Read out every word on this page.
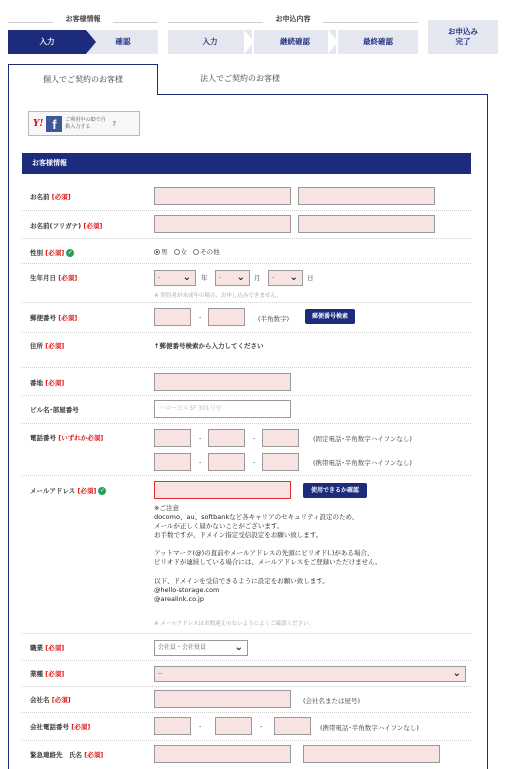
お客様情報	お申込内容
入力	確認	入力	継続確認	最終確認
お申込み
完了
個人でご契約のお客様	法人でご契約のお客様
Y! f	ご利用中のIDで自動入力する	?
お客様情報
お名前 [必須]
お名前(フリガナ) [必須]
性別 [必須] ✓	男 女 その他
生年月日 [必須]	- ⌄ 年	- ⌄ 月	- ⌄ 日
※ 契約者が未成年の場合、お申し込みできません。
郵便番号 [必須]	-	(半角数字)	郵便番号検索
住所 [必須]	↑郵便番号検索から入力してください
番地 [必須]
ビル名･部屋番号	ハロービル3F 301号室
電話番号 [いずれか必須]	-	-	(固定電話･半角数字ハイフンなし)
-	-	(携帯電話･半角数字ハイフンなし)
メールアドレス [必須] ✓	使用できるか確認

※ご注意

docomo、au、softbankなど各キャリアのセキュリティ設定のため、

メールが正しく届かないことがございます。

お手数ですが、ドメイン指定受信設定をお願い致します。

アットマーク(@)の直前やメールアドレスの先頭にピリオド(.)がある場合、

ピリオドが連続している場合には、メールアドレスをご登録いただけません。

以下、ドメインを受信できるように設定をお願い致します。

@hello-storage.com

@arealink.co.jp

※ メールアドレスはお間違えのないようによくご確認ください。
職業 [必須]	会社員・会社役員	⌄
業種 [必須]	--	⌄
会社名 [必須]	(会社名または屋号)
会社電話番号 [必須]	-	-	(携帯電話･半角数字ハイフンなし)
緊急連絡先　氏名 [必須]
